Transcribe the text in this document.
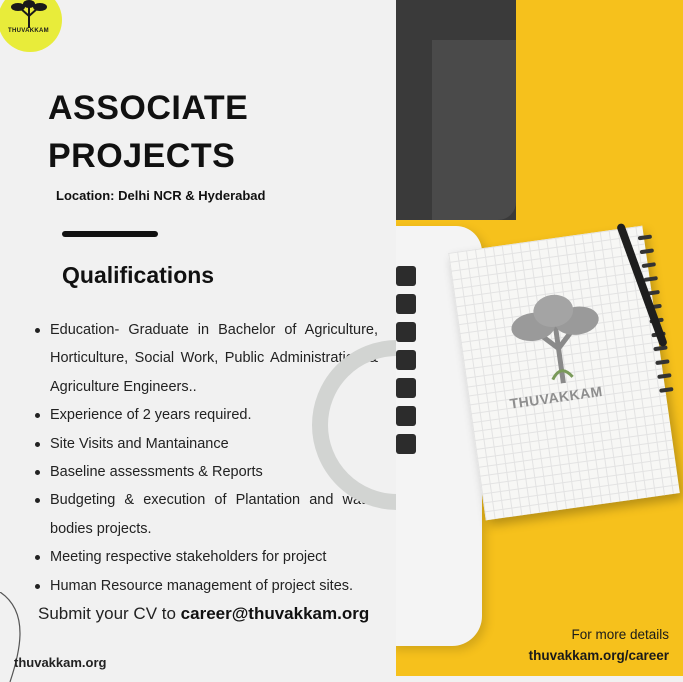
THUVAKKAM
ASSOCIATE
PROJECTS
Location: Delhi NCR & Hyderabad
Qualifications
Education- Graduate in Bachelor of Agriculture, Horticulture, Social Work, Public Administration & Agriculture Engineers..
Experience of 2 years required.
Site Visits and Mantainance
Baseline assessments & Reports
Budgeting & execution of Plantation and water bodies projects.
Meeting respective stakeholders for project
Human Resource management of project sites.
Submit your CV to career@thuvakkam.org
thuvakkam.org
THUVAKKAM
For more details
thuvakkam.org/career
